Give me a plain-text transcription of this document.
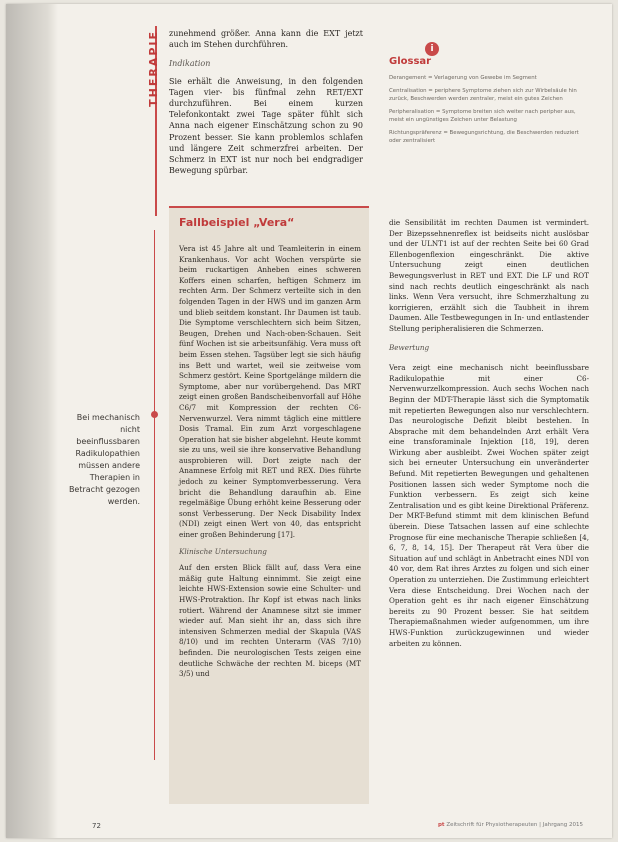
THERAPIE zunehmend größer. Anna kann die EXT jetzt auch im Stehen durchführen.

Indikation

Sie erhält die Anweisung, in den folgenden Tagen vier- bis fünfmal zehn RET/EXT durchzuführen. Bei einem kurzen Telefonkontakt zwei Tage später fühlt sich Anna nach eigener Einschätzung schon zu 90 Prozent besser. Sie kann problemlos schlafen und längere Zeit schmerzfrei arbeiten. Der Schmerz in EXT ist nur noch bei endgradiger Bewegung spürbar.

i
Glossar

Derangement = Verlagerung von Gewebe im Segment

Centralisation = periphere Symptome ziehen sich zur Wirbelsäule hin zurück, Beschwerden werden zentraler, meist ein gutes Zeichen

Peripheralisation = Symptome breiten sich weiter nach peripher aus, meist ein ungünstiges Zeichen unter Belastung

Richtungspräferenz = Bewegungsrichtung, die Beschwerden reduziert oder zentralisiert

Bei mechanisch nicht beeinflussbaren Radikulopathien müssen andere Therapien in Betracht gezogen werden.
Fallbeispiel „Vera“

Vera ist 45 Jahre alt und Teamleiterin in einem Krankenhaus. Vor acht Wochen verspürte sie beim ruckartigen Anheben eines schweren Koffers einen scharfen, heftigen Schmerz im rechten Arm. Der Schmerz verteilte sich in den folgenden Tagen in der HWS und im ganzen Arm und blieb seitdem konstant. Ihr Daumen ist taub. Die Symptome verschlechtern sich beim Sitzen, Beugen, Drehen und Nach-oben-Schauen. Seit fünf Wochen ist sie arbeitsunfähig. Vera muss oft beim Essen stehen. Tagsüber legt sie sich häufig ins Bett und wartet, weil sie zeitweise vom Schmerz gestört. Keine Sportgelänge mildern die Symptome, aber nur vorübergehend. Das MRT zeigt einen großen Bandscheibenvorfall auf Höhe C6/7 mit Kompression der rechten C6-Nervenwurzel. Vera nimmt täglich eine mittlere Dosis Tramal. Ein zum Arzt vorgeschlagene Operation hat sie bisher abgelehnt. Heute kommt sie zu uns, weil sie ihre konservative Behandlung ausprobieren will. Dort zeigte nach der Anamnese Erfolg mit RET und REX. Dies führte jedoch zu keiner Symptomverbesserung. Vera bricht die Behandlung daraufhin ab. Eine regelmäßige Übung erhöht keine Besserung oder sonst Verbesserung. Der Neck Disability Index (NDI) zeigt einen Wert von 40, das entspricht einer großen Behinderung [17].

Klinische Untersuchung

Auf den ersten Blick fällt auf, dass Vera eine mäßig gute Haltung einnimmt. Sie zeigt eine leichte HWS-Extension sowie eine Schulter- und HWS-Protraktion. Ihr Kopf ist etwas nach links rotiert. Während der Anamnese sitzt sie immer wieder auf. Man sieht ihr an, dass sich ihre intensiven Schmerzen medial der Skapula (VAS 8/10) und im rechten Unterarm (VAS 7/10) befinden. Die neurologischen Tests zeigen eine deutliche Schwäche der rechten M. biceps (MT 3/5) und

die Sensibilität im rechten Daumen ist vermindert. Der Bizepssehnenreflex ist beidseits nicht auslösbar und der ULNT1 ist auf der rechten Seite bei 60 Grad Ellenbogenflexion eingeschränkt. Die aktive Untersuchung zeigt einen deutlichen Bewegungsverlust in RET und EXT. Die LF und ROT sind nach rechts deutlich eingeschränkt als nach links. Wenn Vera versucht, ihre Schmerzhaltung zu korrigieren, erzählt sich die Taubheit in ihrem Daumen. Alle Testbewegungen in In- und entlastender Stellung peripheralisieren die Schmerzen.

Bewertung

Vera zeigt eine mechanisch nicht beeinflussbare Radikulopathie mit einer C6-Nervenwurzelkompression. Auch sechs Wochen nach Beginn der MDT-Therapie lässt sich die Symptomatik mit repetierten Bewegungen also nur verschlechtern. Das neurologische Defizit bleibt bestehen. In Absprache mit dem behandelnden Arzt erhält Vera eine transforaminale Injektion [18, 19], deren Wirkung aber ausbleibt. Zwei Wochen später zeigt sich bei erneuter Untersuchung ein unveränderter Befund. Mit repetierten Bewegungen und gehaltenen Positionen lassen sich weder Symptome noch die Funktion verbessern. Es zeigt sich keine Zentralisation und es gibt keine Direktional Präferenz. Der MRT-Befund stimmt mit dem klinischen Befund überein. Diese Tatsachen lassen auf eine schlechte Prognose für eine mechanische Therapie schließen [4, 6, 7, 8, 14, 15]. Der Therapeut rät Vera über die Situation auf und schlägt in Anbetracht eines NDI von 40 vor, dem Rat ihres Arztes zu folgen und sich einer Operation zu unterziehen. Die Zustimmung erleichtert Vera diese Entscheidung. Drei Wochen nach der Operation geht es ihr nach eigener Einschätzung bereits zu 90 Prozent besser. Sie hat seitdem Therapiemaßnahmen wieder aufgenommen, um ihre HWS-Funktion zurückzugewinnen und wieder arbeiten zu können.

72	pt Zeitschrift für Physiotherapeuten | Jahrgang 2015
